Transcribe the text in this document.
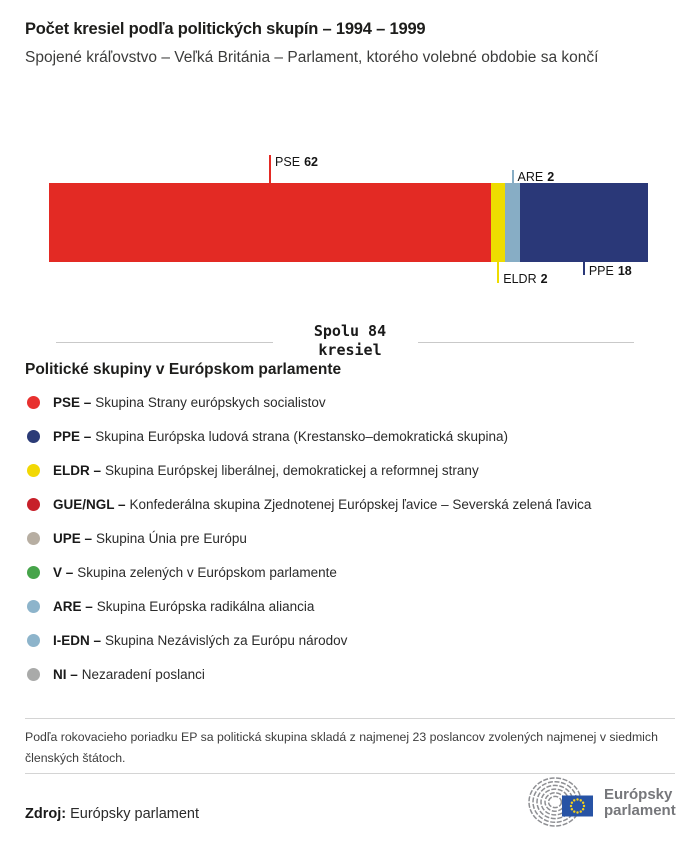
Počet kresiel podľa politických skupín – 1994 – 1999
Spojené kráľovstvo – Veľká Británia – Parlament, ktorého volebné obdobie sa končí
PSE 62
ELDR 2
ARE 2
PPE 18
Spolu 84
kresiel
Politické skupiny v Európskom parlamente
PSE – Skupina Strany európskych socialistov
PPE – Skupina Európska ludová strana (Krestansko–demokratická skupina)
ELDR – Skupina Európskej liberálnej, demokratickej a reformnej strany
GUE/NGL – Konfederálna skupina Zjednotenej Európskej ľavice – Severská zelená ľavica
UPE – Skupina Únia pre Európu
V – Skupina zelených v Európskom parlamente
ARE – Skupina Európska radikálna aliancia
I-EDN – Skupina Nezávislých za Európu národov
NI – Nezaradení poslanci
Podľa rokovacieho poriadku EP sa politická skupina skladá z najmenej 23 poslancov zvolených najmenej v siedmich členských štátoch.
Zdroj: Európsky parlament
Európsky
parlament
